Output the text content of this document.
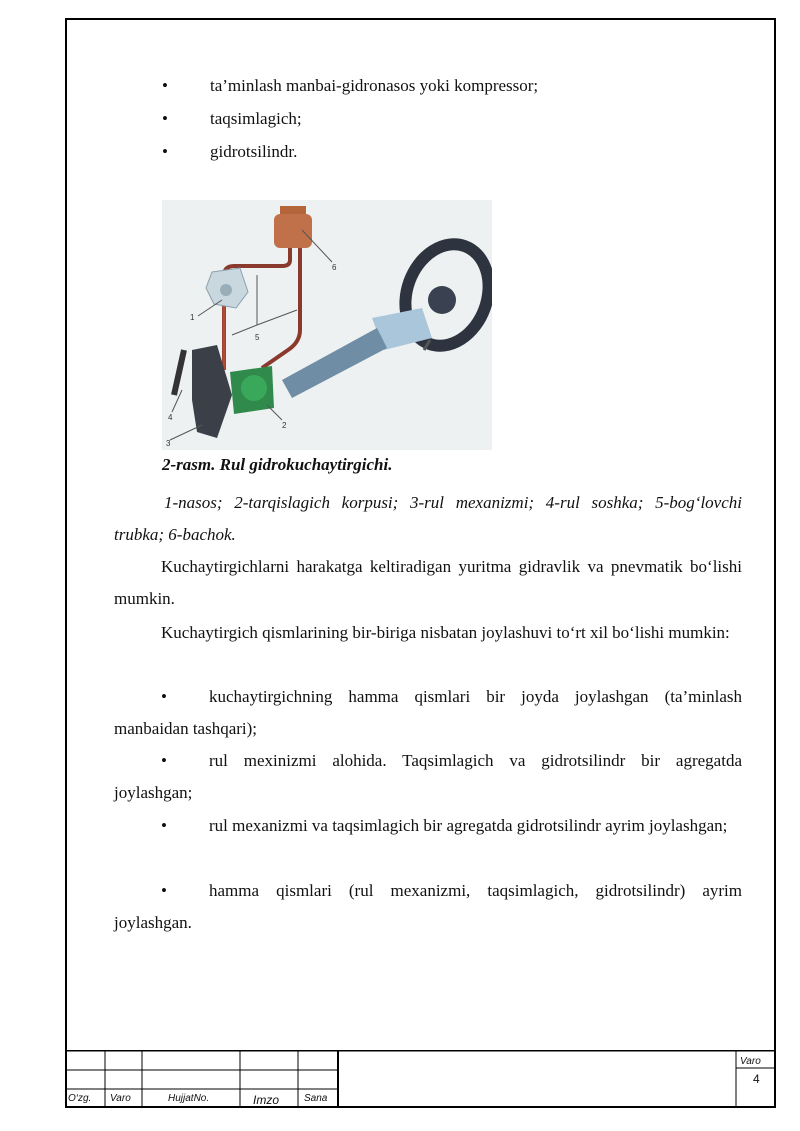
• ta’minlash manbai-gidronasos yoki kompressor;
• taqsimlagich;
• gidrotsilindr.
6
1
5
4
3
2
2-rasm. Rul gidrokuchaytirgichi.
1-nasos; 2-tarqislagich korpusi; 3-rul mexanizmi; 4-rul soshka; 5-bog‘lovchi trubka; 6-bachok.
Kuchaytirgichlarni harakatga keltiradigan yuritma gidravlik va pnevmatik bo‘lishi mumkin.
Kuchaytirgich qismlarining bir-biriga nisbatan joylashuvi to‘rt xil bo‘lishi mumkin:
• kuchaytirgichning hamma qismlari bir joyda joylashgan (ta’minlash manbaidan tashqari);
• rul mexinizmi alohida. Taqsimlagich va gidrotsilindr bir agregatda joylashgan;
• rul mexanizmi va taqsimlagich bir agregatda gidrotsilindr ayrim joylashgan;
• hamma qismlari (rul mexanizmi, taqsimlagich, gidrotsilindr) ayrim joylashgan.
O‘zg. Varo	HujjatNo.	Imzo Sana
Varo
4
